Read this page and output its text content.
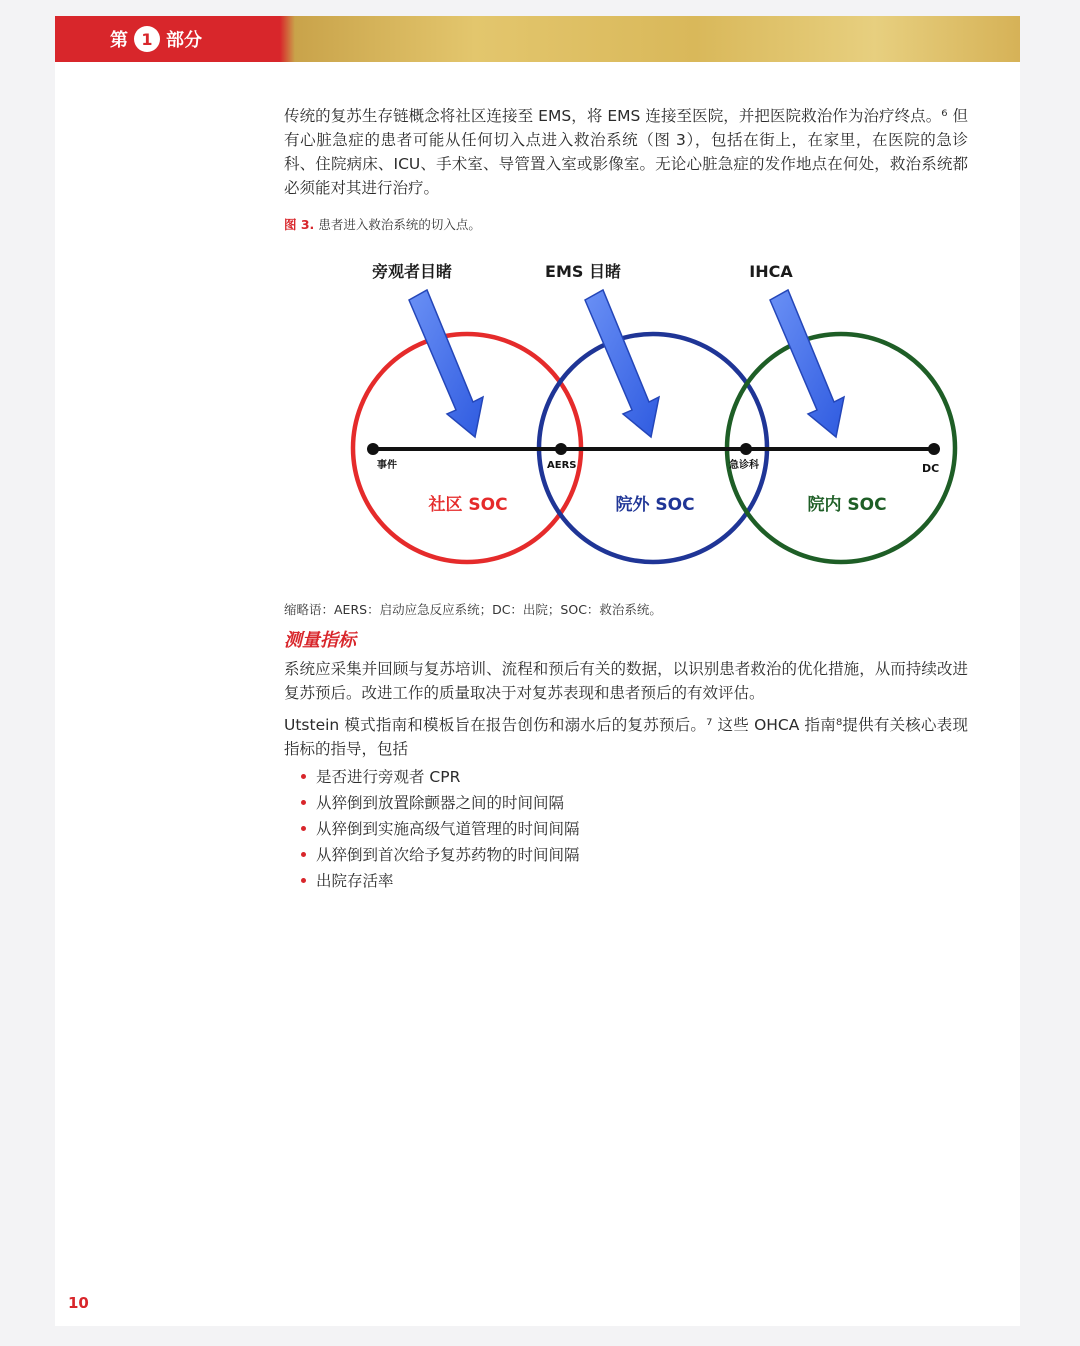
第 1 部分

传统的复苏生存链概念将社区连接至 EMS，将 EMS 连接至医院，并把医院救治作为治疗终点。⁶ 但有心脏急症的患者可能从任何切入点进入救治系统（图 3），包括在街上，在家里，在医院的急诊科、住院病床、ICU、手术室、导管置入室或影像室。无论心脏急症的发作地点在何处，救治系统都必须能对其进行治疗。

图 3. 患者进入救治系统的切入点。
旁观者目睹	EMS 目睹	IHCA
事件	AERS	急诊科	DC
社区 SOC	院外 SOC	院内 SOC
缩略语：AERS：启动应急反应系统；DC：出院；SOC：救治系统。
测量指标

系统应采集并回顾与复苏培训、流程和预后有关的数据，以识别患者救治的优化措施，从而持续改进复苏预后。改进工作的质量取决于对复苏表现和患者预后的有效评估。

Utstein 模式指南和模板旨在报告创伤和溺水后的复苏预后。⁷ 这些 OHCA 指南⁸提供有关核心表现指标的指导，包括

是否进行旁观者 CPR
从猝倒到放置除颤器之间的时间间隔
从猝倒到实施高级气道管理的时间间隔
从猝倒到首次给予复苏药物的时间间隔
出院存活率
10
